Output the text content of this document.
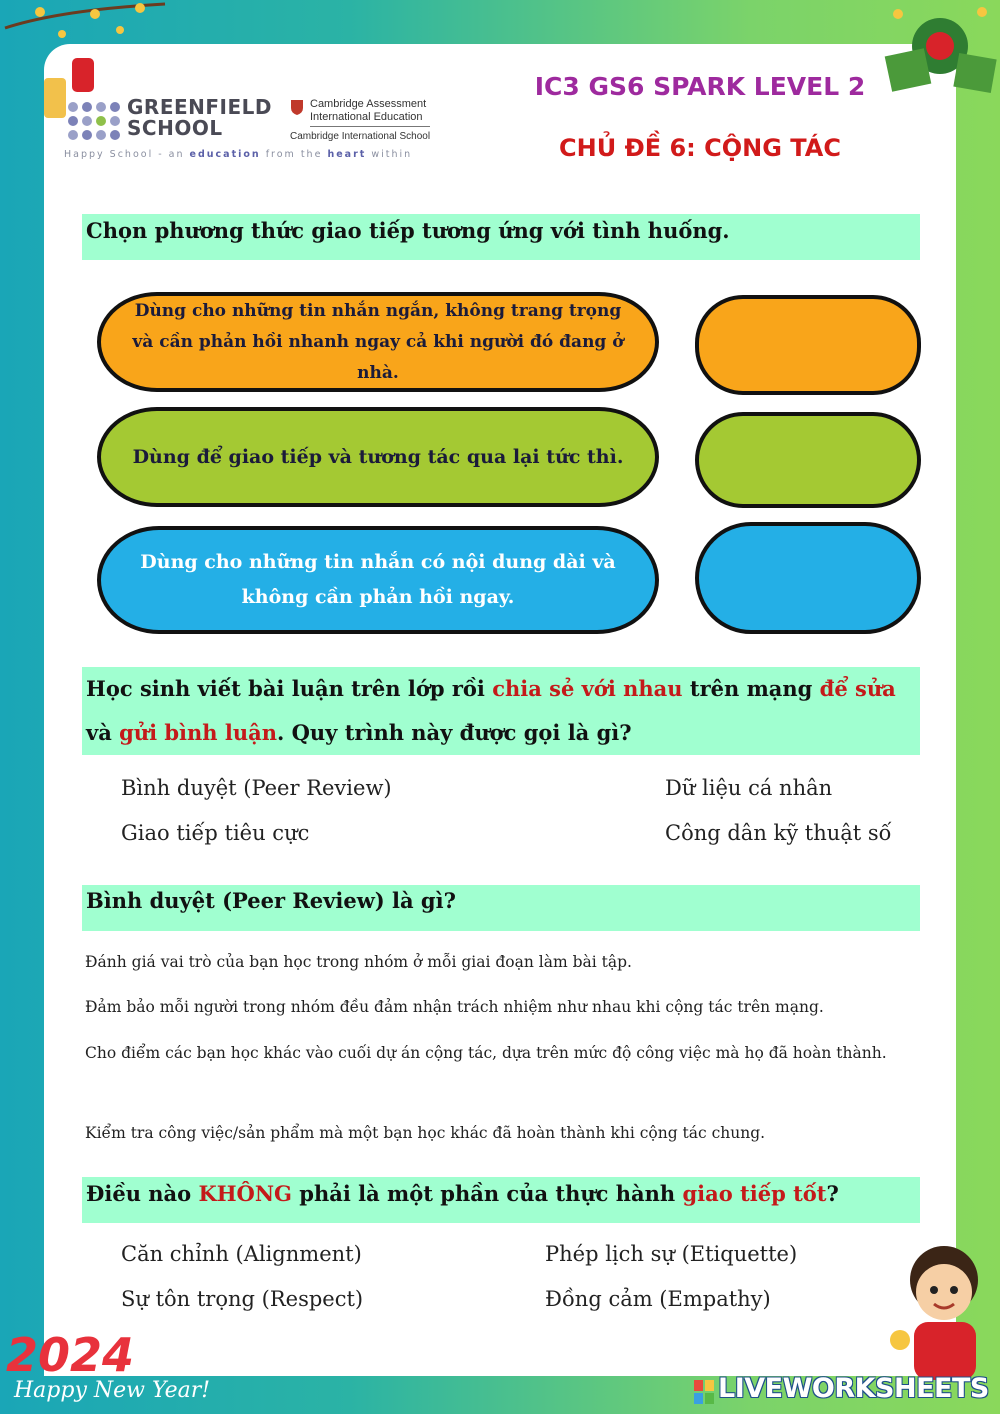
GREENFIELD
SCHOOL
Cambridge Assessment
International Education
Cambridge International School
Happy School - an education from the heart within
IC3 GS6 SPARK LEVEL 2
CHỦ ĐỀ 6: CỘNG TÁC
Chọn phương thức giao tiếp tương ứng với tình huống.
Dùng cho những tin nhắn ngắn, không trang trọng và cần phản hồi nhanh ngay cả khi người đó đang ở nhà.
Dùng để giao tiếp và tương tác qua lại tức thì.
Dùng cho những tin nhắn có nội dung dài và không cần phản hồi ngay.
Học sinh viết bài luận trên lớp rồi chia sẻ với nhau trên mạng để sửa và gửi bình luận. Quy trình này được gọi là gì?
Bình duyệt (Peer Review)	Dữ liệu cá nhân
Giao tiếp tiêu cực	Công dân kỹ thuật số
Bình duyệt (Peer Review) là gì?
Đánh giá vai trò của bạn học trong nhóm ở mỗi giai đoạn làm bài tập.
Đảm bảo mỗi người trong nhóm đều đảm nhận trách nhiệm như nhau khi cộng tác trên mạng.
Cho điểm các bạn học khác vào cuối dự án cộng tác, dựa trên mức độ công việc mà họ đã hoàn thành.
Kiểm tra công việc/sản phẩm mà một bạn học khác đã hoàn thành khi cộng tác chung.
Điều nào KHÔNG phải là một phần của thực hành giao tiếp tốt?
Căn chỉnh (Alignment)	Phép lịch sự (Etiquette)
Sự tôn trọng (Respect)	Đồng cảm (Empathy)
2024
Happy New Year!	LIVEWORKSHEETS
